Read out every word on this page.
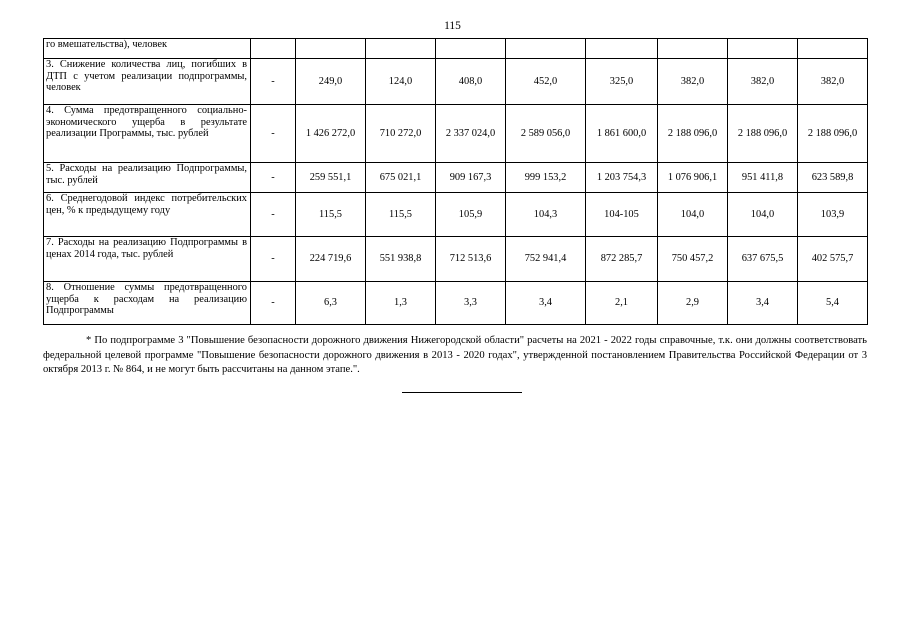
115
го вмешательства), человек									
3. Снижение количества лиц, погибших в ДТП с учетом реализации подпрограммы, человек	-	249,0	124,0	408,0	452,0	325,0	382,0	382,0	382,0
4. Сумма предотвращенного социально-экономического ущерба в результате реализации Программы, тыс. рублей	-	1 426 272,0	710 272,0	2 337 024,0	2 589 056,0	1 861 600,0	2 188 096,0	2 188 096,0	2 188 096,0
5. Расходы на реализацию Подпрограммы, тыс. рублей	-	259 551,1	675 021,1	909 167,3	999 153,2	1 203 754,3	1 076 906,1	951 411,8	623 589,8
6. Среднегодовой индекс потребительских цен, % к предыдущему году	-	115,5	115,5	105,9	104,3	104-105	104,0	104,0	103,9
7. Расходы на реализацию Подпрограммы в ценах 2014 года, тыс. рублей	-	224 719,6	551 938,8	712 513,6	752 941,4	872 285,7	750 457,2	637 675,5	402 575,7
8. Отношение суммы предотвращенного ущерба к расходам на реализацию Подпрограммы	-	6,3	1,3	3,3	3,4	2,1	2,9	3,4	5,4
* По подпрограмме 3 "Повышение безопасности дорожного движения Нижегородской области" расчеты на 2021 - 2022 годы справочные, т.к. они должны соответствовать федеральной целевой программе "Повышение безопасности дорожного движения в 2013 - 2020 годах", утвержденной постановлением Правительства Российской Федерации от 3 октября 2013 г. № 864, и не могут быть рассчитаны на данном этапе.".
